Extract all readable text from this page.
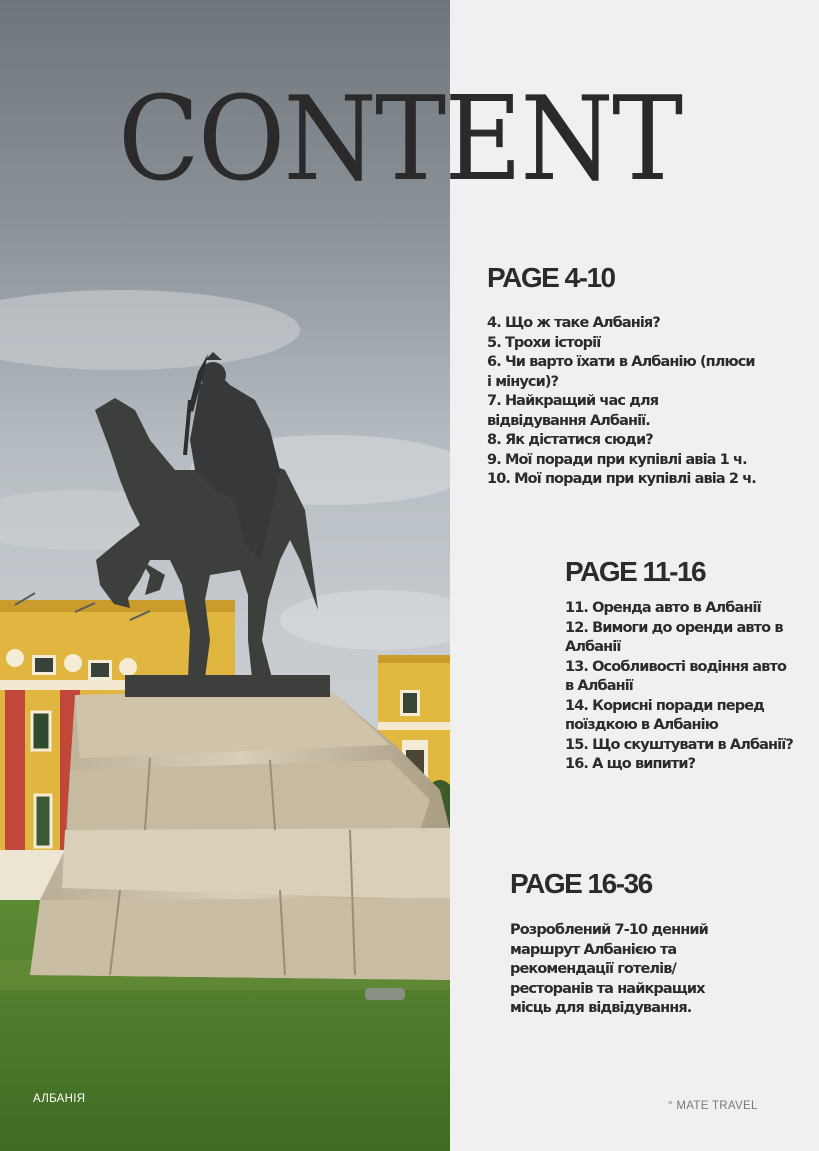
CONTENT
PAGE 4-10
4. Що ж таке Албанія?
5. Трохи історії
6. Чи варто їхати в Албанію (плюси
і мінуси)?
7. Найкращий час для
відвідування Албанії.
8. Як дістатися сюди?
9. Мої поради при купівлі авіа 1 ч.
10. Мої поради при купівлі авіа 2 ч.
PAGE 11-16
11. Оренда авто в Албанії
12. Вимоги до оренди авто в
Албанії
13. Особливості водіння авто
в Албанії
14. Корисні поради перед
поїздкою в Албанію
15. Що скуштувати в Албанії?
16. А що випити?
PAGE 16-36
Розроблений 7-10 денний
маршрут Албанією та
рекомендації готелів/
ресторанів та найкращих
місць для відвідування.
АЛБАНІЯ
° MATE TRAVEL
